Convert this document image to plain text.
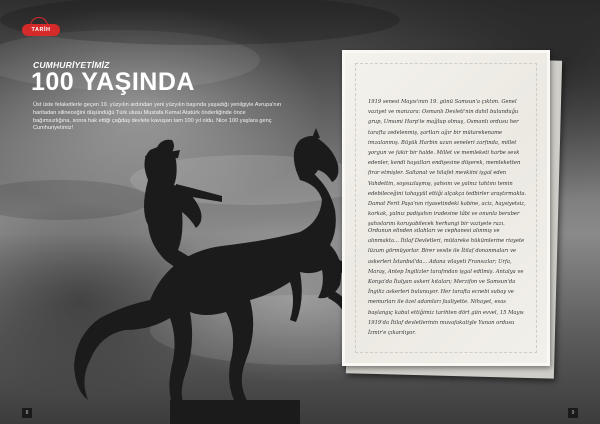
TARİH
CUMHURİYETİMİZ
100 YAŞINDA

Üst üste felaketlerle geçen 19. yüzyılın ardından yeni yüzyılın başında yaşadığı yenilgiyle Avrupa'nın haritadan silineceğini düşündüğü Türk ulusu Mustafa Kemal Atatürk önderliğinde önce bağımsızlığına, sonra hak ettiği çağdaş devlete kavuşan tam 100 yıl oldu. Nice 100 yaşlara genç Cumhuriyetimiz!

1919 senesi Mayıs'ının 19. günü Samsun'a çıktım. Genel vaziyet ve manzara: Osmanlı Devleti'nin dahil bulunduğu grup, Umumi Harp'te mağlup olmuş, Osmanlı ordusu her tarafta zedelenmiş, şartları ağır bir mütarekename imzalanmış. Büyük Harbin uzun seneleri zarfında, millet yorgun ve fakir bir halde. Millet ve memleketi harbe sevk edenler, kendi hayatları endişesine düşerek, memleketten firar etmişler. Saltanat ve hilafet mevkiini işgal eden Vahdettin, soysuzlaşmış, şahsını ve yalnız tahtını temin edebileceğini tahayyül ettiği alçakça tedbirler araştırmakta. Damat Ferit Paşa'nın riyasetindeki kabine, aciz, haysiyetsiz, korkak, yalnız padişahın iradesine tâbi ve onunla beraber şahıslarını koruyabilecek herhangi bir vaziyete razı.

Ordunun elinden silahları ve cephanesi alınmış ve alınmakta... İtilaf Devletleri, mütareke hükümlerine riayete lüzum görmüyorlar. Birer vesile ile İtilaf donanmaları ve askerleri İstanbul'da... Adana vilayeti Fransızlar; Urfa, Maraş, Antep İngilizler tarafından işgal edilmiş. Antalya ve Konya'da İtalyan askeri kıtaları; Merzifon ve Samsun'da İngiliz askerleri bulunuyor. Her tarafta ecnebi subay ve memurları ile özel adamları faaliyette. Nihayet, esas başlangıç kabul ettiğimiz tarihten dört gün evvel, 15 Mayıs 1919'da İtilaf devletlerinin muvafakatiyle Yunan ordusu İzmir'e çıkarılıyor.

8	9
